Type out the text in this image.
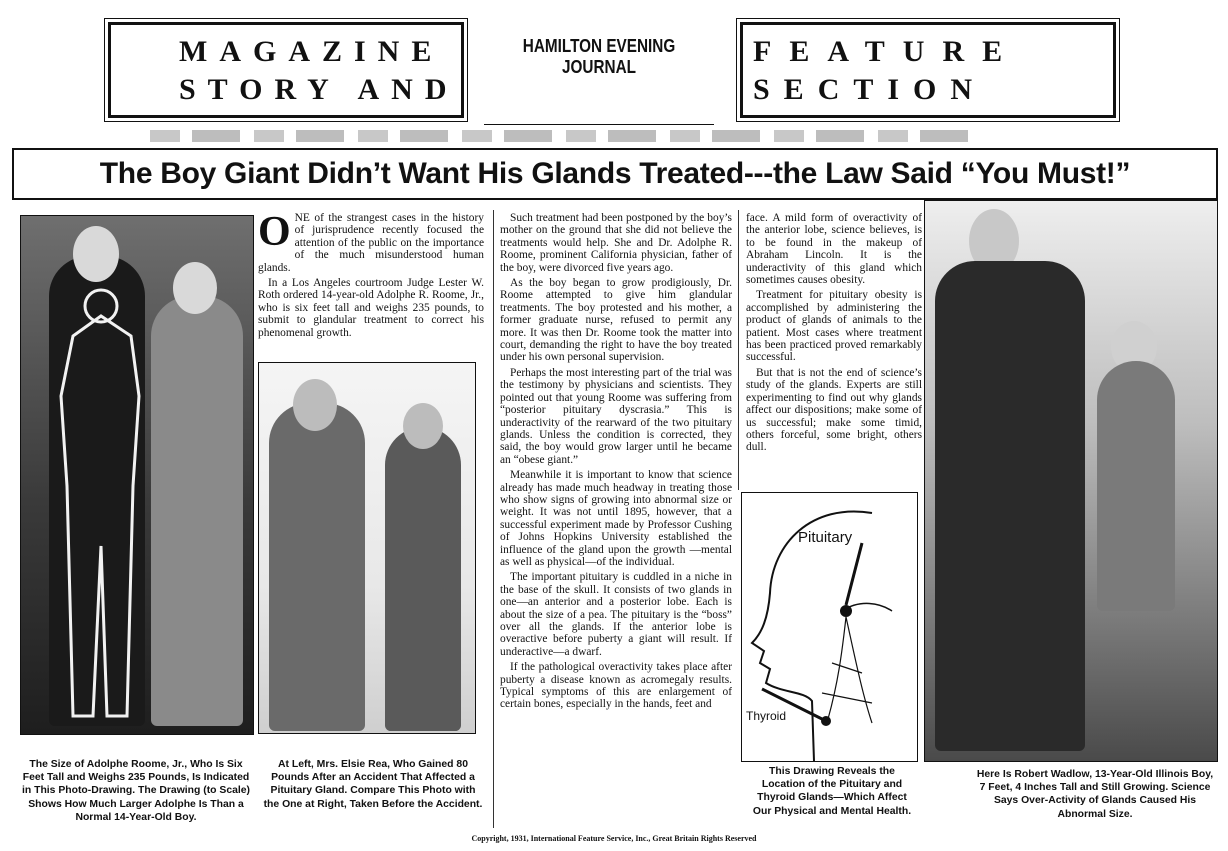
MAGAZINE
STORY AND
HAMILTON EVENING JOURNAL	FEATURE
SECTION
The Boy Giant Didn’t Want His Glands Treated---the Law Said “You Must!”
The Size of Adolphe Roome, Jr., Who Is Six Feet Tall and Weighs 235 Pounds, Is Indicated in This Photo-Drawing. The Drawing (to Scale) Shows How Much Larger Adolphe Is Than a Normal 14-Year-Old Boy.
At Left, Mrs. Elsie Rea, Who Gained 80 Pounds After an Accident That Affected a Pituitary Gland. Compare This Photo with the One at Right, Taken Before the Accident.
O NE of the strangest cases in the history of jurisprudence recently focused the attention of the public on the importance of the much misunderstood human glands.

In a Los Angeles courtroom Judge Lester W. Roth ordered 14-year-old Adolphe R. Roome, Jr., who is six feet tall and weighs 235 pounds, to submit to glandular treatment to correct his phenomenal growth.

Such treatment had been postponed by the boy’s mother on the ground that she did not believe the treatments would help. She and Dr. Adolphe R. Roome, prominent California physician, father of the boy, were divorced five years ago.

As the boy began to grow prodigiously, Dr. Roome attempted to give him glandular treatments. The boy protested and his mother, a former graduate nurse, refused to permit any more. It was then Dr. Roome took the matter into court, demanding the right to have the boy treated under his own personal supervision.

Perhaps the most interesting part of the trial was the testimony by physicians and scientists. They pointed out that young Roome was suffering from “posterior pituitary dyscrasia.” This is underactivity of the rearward of the two pituitary glands. Unless the condition is corrected, they said, the boy would grow larger until he became an “obese giant.”

Meanwhile it is important to know that science already has made much headway in treating those who show signs of growing into abnormal size or weight. It was not until 1895, however, that a successful experiment made by Professor Cushing of Johns Hopkins University established the influence of the gland upon the growth —mental as well as physical—of the individual.

The important pituitary is cuddled in a niche in the base of the skull. It consists of two glands in one—an anterior and a posterior lobe. Each is about the size of a pea. The pituitary is the “boss” over all the glands. If the anterior lobe is overactive before puberty a giant will result. If underactive—a dwarf.

If the pathological overactivity takes place after puberty a disease known as acromegaly results. Typical symptoms of this are enlargement of certain bones, especially in the hands, feet and

face. A mild form of overactivity of the anterior lobe, science believes, is to be found in the makeup of Abraham Lincoln. It is the underactivity of this gland which sometimes causes obesity.

Treatment for pituitary obesity is accomplished by administering the product of glands of animals to the patient. Most cases where treatment has been practiced proved remarkably successful.

But that is not the end of science’s study of the glands. Experts are still experimenting to find out why glands affect our dispositions; make some of us successful; make some timid, others forceful, some bright, others dull.

Pituitary
Thyroid
This Drawing Reveals the Location of the Pituitary and Thyroid Glands—Which Affect Our Physical and Mental Health.
Here Is Robert Wadlow, 13-Year-Old Illinois Boy, 7 Feet, 4 Inches Tall and Still Growing. Science Says Over-Activity of Glands Caused His Abnormal Size.
Copyright, 1931, International Feature Service, Inc., Great Britain Rights Reserved
